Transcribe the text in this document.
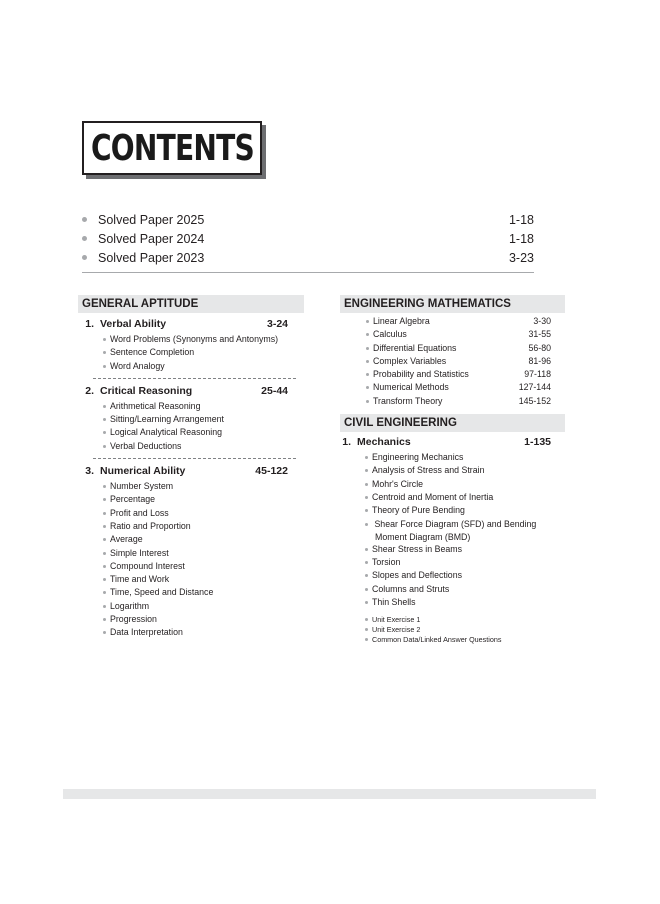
CONTENTS
Solved Paper 2025	1-18
Solved Paper 2024	1-18
Solved Paper 2023	3-23
GENERAL APTITUDE
1. Verbal Ability	3-24
Word Problems (Synonyms and Antonyms)
Sentence Completion
Word Analogy
2. Critical Reasoning	25-44
Arithmetical Reasoning
Sitting/Learning Arrangement
Logical Analytical Reasoning
Verbal Deductions
3. Numerical Ability	45-122
Number System
Percentage
Profit and Loss
Ratio and Proportion
Average
Simple Interest
Compound Interest
Time and Work
Time, Speed and Distance
Logarithm
Progression
Data Interpretation
ENGINEERING MATHEMATICS
Linear Algebra	3-30
Calculus	31-55
Differential Equations	56-80
Complex Variables	81-96
Probability and Statistics	97-118
Numerical Methods	127-144
Transform Theory	145-152
CIVIL ENGINEERING
1. Mechanics	1-135
Engineering Mechanics
Analysis of Stress and Strain
Mohr's Circle
Centroid and Moment of Inertia
Theory of Pure Bending
Shear Force Diagram (SFD) and Bending
Moment Diagram (BMD)
Shear Stress in Beams
Torsion
Slopes and Deflections
Columns and Struts
Thin Shells
Unit Exercise 1
Unit Exercise 2
Common Data/Linked Answer Questions
